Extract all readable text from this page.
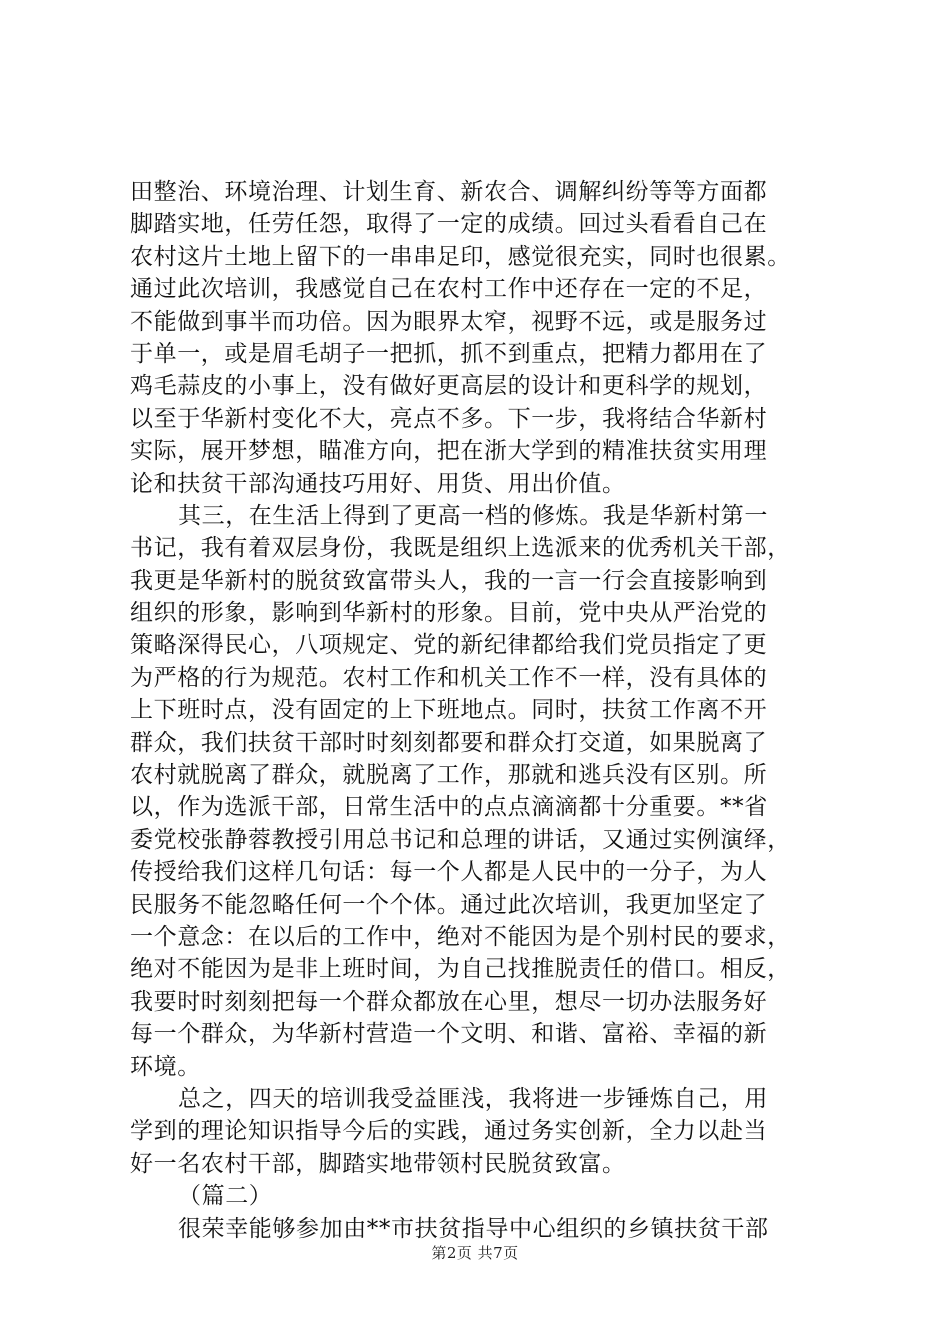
田整治、环境治理、计划生育、新农合、调解纠纷等等方面都
脚踏实地，任劳任怨，取得了一定的成绩。回过头看看自己在
农村这片土地上留下的一串串足印，感觉很充实，同时也很累。
通过此次培训，我感觉自己在农村工作中还存在一定的不足，
不能做到事半而功倍。因为眼界太窄，视野不远，或是服务过
于单一，或是眉毛胡子一把抓，抓不到重点，把精力都用在了
鸡毛蒜皮的小事上，没有做好更高层的设计和更科学的规划，
以至于华新村变化不大，亮点不多。下一步，我将结合华新村
实际，展开梦想，瞄准方向，把在浙大学到的精准扶贫实用理
论和扶贫干部沟通技巧用好、用货、用出价值。
其三，在生活上得到了更高一档的修炼。我是华新村第一
书记，我有着双层身份，我既是组织上选派来的优秀机关干部，
我更是华新村的脱贫致富带头人，我的一言一行会直接影响到
组织的形象，影响到华新村的形象。目前，党中央从严治党的
策略深得民心，八项规定、党的新纪律都给我们党员指定了更
为严格的行为规范。农村工作和机关工作不一样，没有具体的
上下班时点，没有固定的上下班地点。同时，扶贫工作离不开
群众，我们扶贫干部时时刻刻都要和群众打交道，如果脱离了
农村就脱离了群众，就脱离了工作，那就和逃兵没有区别。所
以，作为选派干部，日常生活中的点点滴滴都十分重要。**省
委党校张静蓉教授引用总书记和总理的讲话，又通过实例演绎，
传授给我们这样几句话：每一个人都是人民中的一分子，为人
民服务不能忽略任何一个个体。通过此次培训，我更加坚定了
一个意念：在以后的工作中，绝对不能因为是个别村民的要求，
绝对不能因为是非上班时间，为自己找推脱责任的借口。相反，
我要时时刻刻把每一个群众都放在心里，想尽一切办法服务好
每一个群众，为华新村营造一个文明、和谐、富裕、幸福的新
环境。
总之，四天的培训我受益匪浅，我将进一步锤炼自己，用
学到的理论知识指导今后的实践，通过务实创新，全力以赴当
好一名农村干部，脚踏实地带领村民脱贫致富。
（篇二）
很荣幸能够参加由**市扶贫指导中心组织的乡镇扶贫干部
第2页 共7页
